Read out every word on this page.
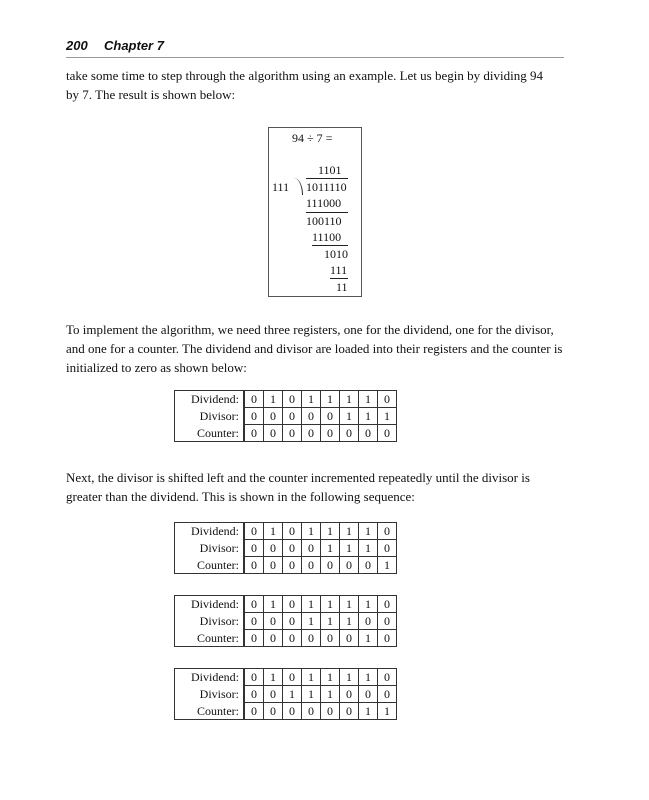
200 Chapter 7

take some time to step through the algorithm using an example. Let us begin by dividing 94 by 7. The result is shown below:

94 ÷ 7 =
1101
111 1011110
111000
100110
11100
1010
111
11

To implement the algorithm, we need three registers, one for the dividend, one for the divisor, and one for a counter. The dividend and divisor are loaded into their registers and the counter is initialized to zero as shown below:

Next, the divisor is shifted left and the counter incremented repeatedly until the divisor is greater than the dividend. This is shown in the following sequence:

Dividend:	0	1	0	1	1	1	1	0
Divisor:	0	0	0	0	0	1	1	1
Counter:	0	0	0	0	0	0	0	0
Dividend:	0	1	0	1	1	1	1	0
Divisor:	0	0	0	0	1	1	1	0
Counter:	0	0	0	0	0	0	0	1
Dividend:	0	1	0	1	1	1	1	0
Divisor:	0	0	0	1	1	1	0	0
Counter:	0	0	0	0	0	0	1	0
Dividend:	0	1	0	1	1	1	1	0
Divisor:	0	0	1	1	1	0	0	0
Counter:	0	0	0	0	0	0	1	1
